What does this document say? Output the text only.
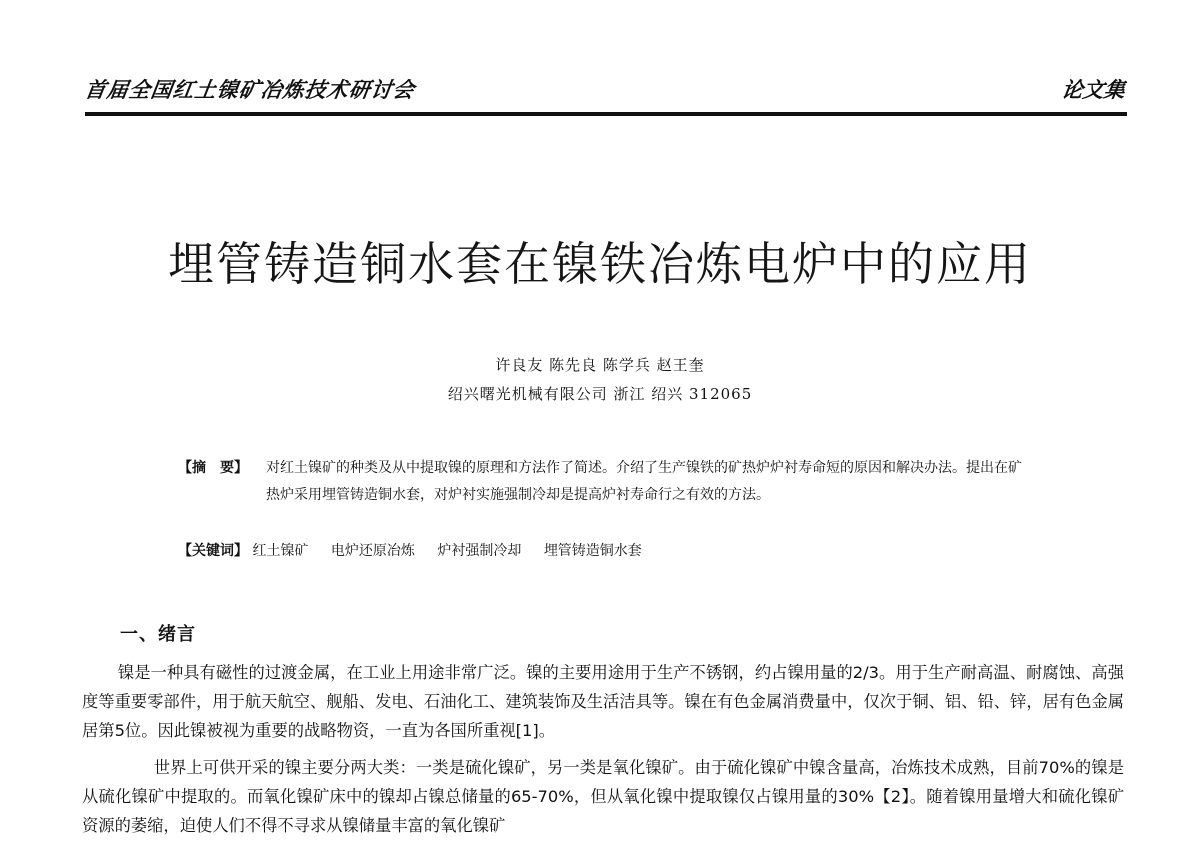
首届全国红土镍矿冶炼技术研讨会	论文集
埋管铸造铜水套在镍铁冶炼电炉中的应用
许良友 陈先良 陈学兵 赵王奎
绍兴曙光机械有限公司 浙江 绍兴 312065
【摘　要】 对红土镍矿的种类及从中提取镍的原理和方法作了简述。介绍了生产镍铁的矿热炉炉衬寿命短的原因和解决办法。提出在矿热炉采用埋管铸造铜水套，对炉衬实施强制冷却是提高炉衬寿命行之有效的方法。
【关键词】 红土镍矿 电炉还原冶炼 炉衬强制冷却 埋管铸造铜水套
一、绪言

镍是一种具有磁性的过渡金属，在工业上用途非常广泛。镍的主要用途用于生产不锈钢，约占镍用量的2/3。用于生产耐高温、耐腐蚀、高强度等重要零部件，用于航天航空、舰船、发电、石油化工、建筑装饰及生活洁具等。镍在有色金属消费量中，仅次于铜、铝、铅、锌，居有色金属居第5位。因此镍被视为重要的战略物资，一直为各国所重视[1]。

世界上可供开采的镍主要分两大类：一类是硫化镍矿，另一类是氧化镍矿。由于硫化镍矿中镍含量高，冶炼技术成熟，目前70%的镍是从硫化镍矿中提取的。而氧化镍矿床中的镍却占镍总储量的65-70%，但从氧化镍中提取镍仅占镍用量的30%【2】。随着镍用量增大和硫化镍矿资源的萎缩，迫使人们不得不寻求从镍储量丰富的氧化镍矿
